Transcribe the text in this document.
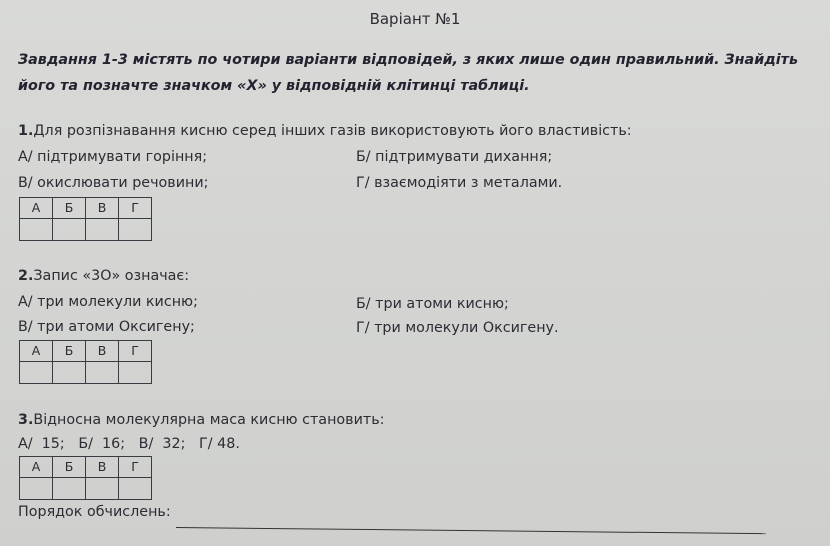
Варіант №1
Завдання 1-3 містять по чотири варіанти відповідей, з яких лише один правильний. Знайдіть
його та позначте значком «Х» у відповідній клітинці таблиці.
1.Для розпізнавання кисню серед інших газів використовують його властивість:
А/ підтримувати горіння;	Б/ підтримувати дихання;
В/ окислювати речовини;	Г/ взаємодіяти з металами.
А	Б	В	Г

2.Запис «3О» означає:
А/ три молекули кисню;	Б/ три атоми кисню;
В/ три атоми Оксигену;	Г/ три молекули Оксигену.
А	Б	В	Г

3.Відносна молекулярна маса кисню становить:
А/  15;   Б/  16;   В/  32;   Г/ 48.
А	Б	В	Г

Порядок обчислень:
